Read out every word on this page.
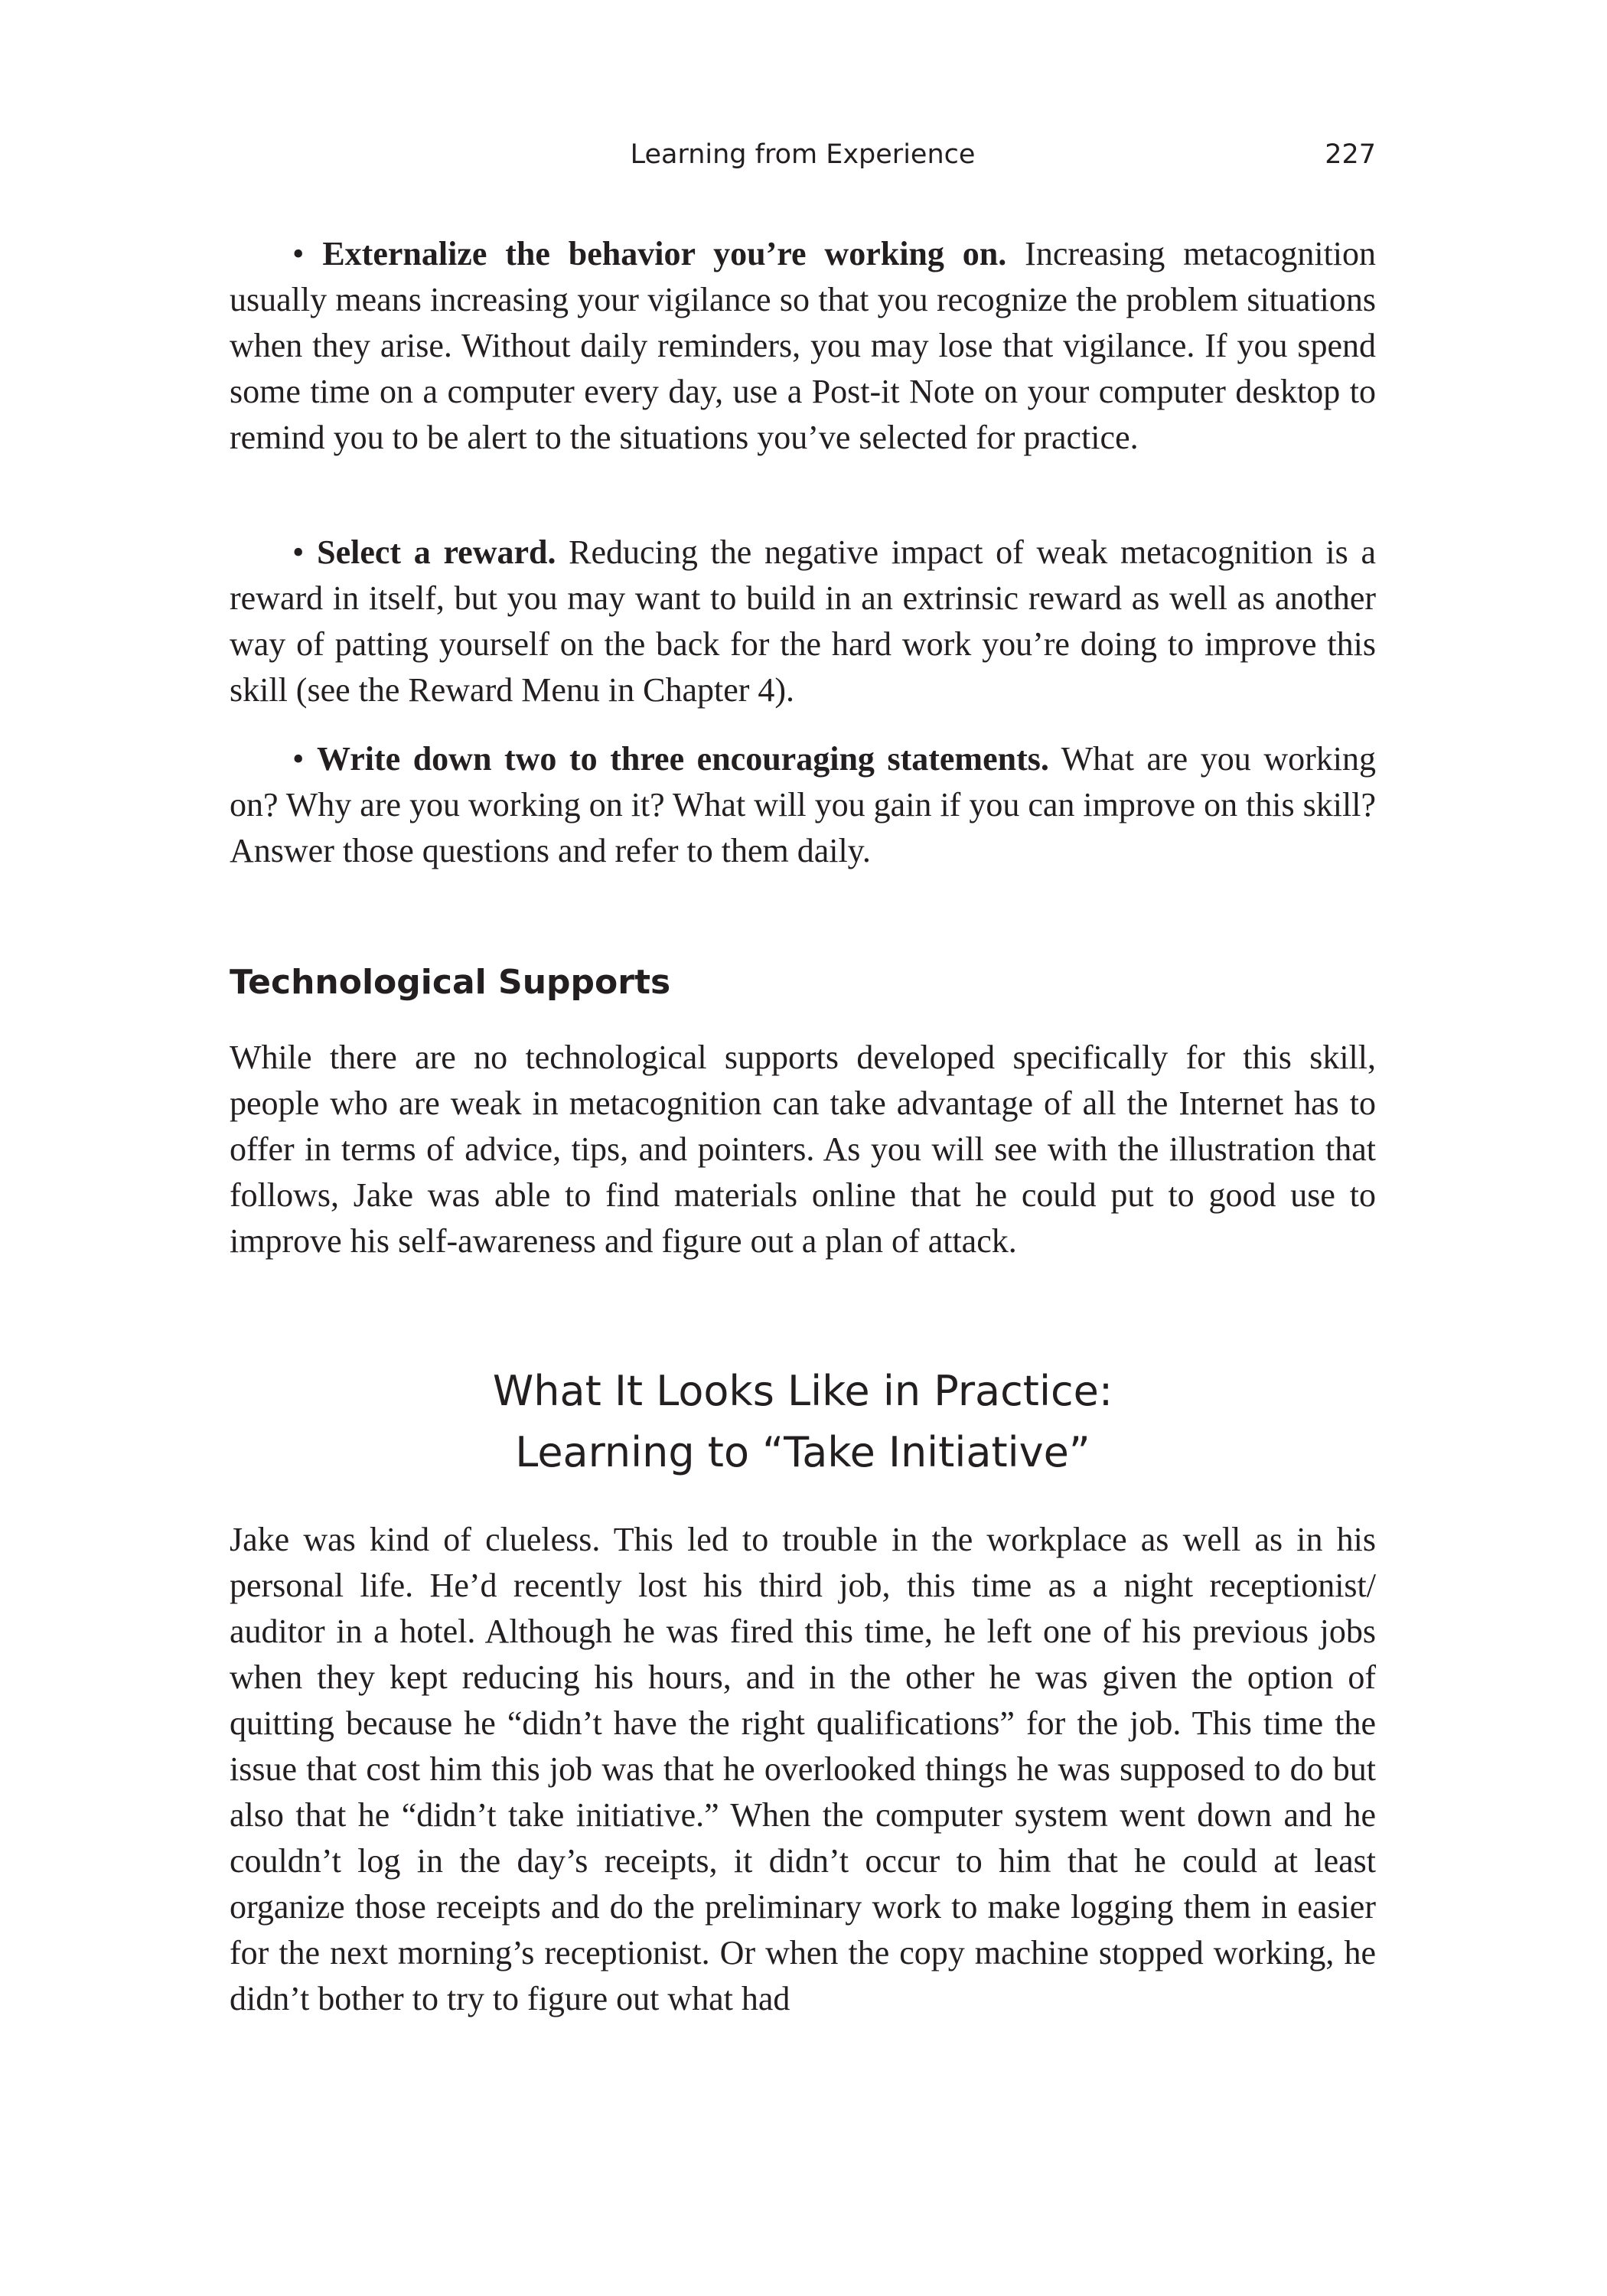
Learning from Experience	227

• Externalize the behavior you’re working on. Increasing metacognition usually means increasing your vigilance so that you recognize the problem situations when they arise. Without daily reminders, you may lose that vigilance. If you spend some time on a computer every day, use a Post-it Note on your computer desktop to remind you to be alert to the situations you’ve selected for practice.

• Select a reward. Reducing the negative impact of weak metacognition is a reward in itself, but you may want to build in an extrinsic reward as well as another way of patting yourself on the back for the hard work you’re doing to improve this skill (see the Reward Menu in Chapter 4).

• Write down two to three encouraging statements. What are you working on? Why are you working on it? What will you gain if you can improve on this skill? Answer those questions and refer to them daily.

Technological Supports

While there are no technological supports developed specifically for this skill, people who are weak in metacognition can take advantage of all the Internet has to offer in terms of advice, tips, and pointers. As you will see with the illustration that follows, Jake was able to find materials online that he could put to good use to improve his self-awareness and figure out a plan of attack.

What It Looks Like in Practice:
Learning to “Take Initiative”

Jake was kind of clueless. This led to trouble in the workplace as well as in his personal life. He’d recently lost his third job, this time as a night receptionist/ auditor in a hotel. Although he was fired this time, he left one of his previous jobs when they kept reducing his hours, and in the other he was given the option of quitting because he “didn’t have the right qualifications” for the job. This time the issue that cost him this job was that he overlooked things he was supposed to do but also that he “didn’t take initiative.” When the computer system went down and he couldn’t log in the day’s receipts, it didn’t occur to him that he could at least organize those receipts and do the preliminary work to make logging them in easier for the next morning’s receptionist. Or when the copy machine stopped working, he didn’t bother to try to figure out what had
